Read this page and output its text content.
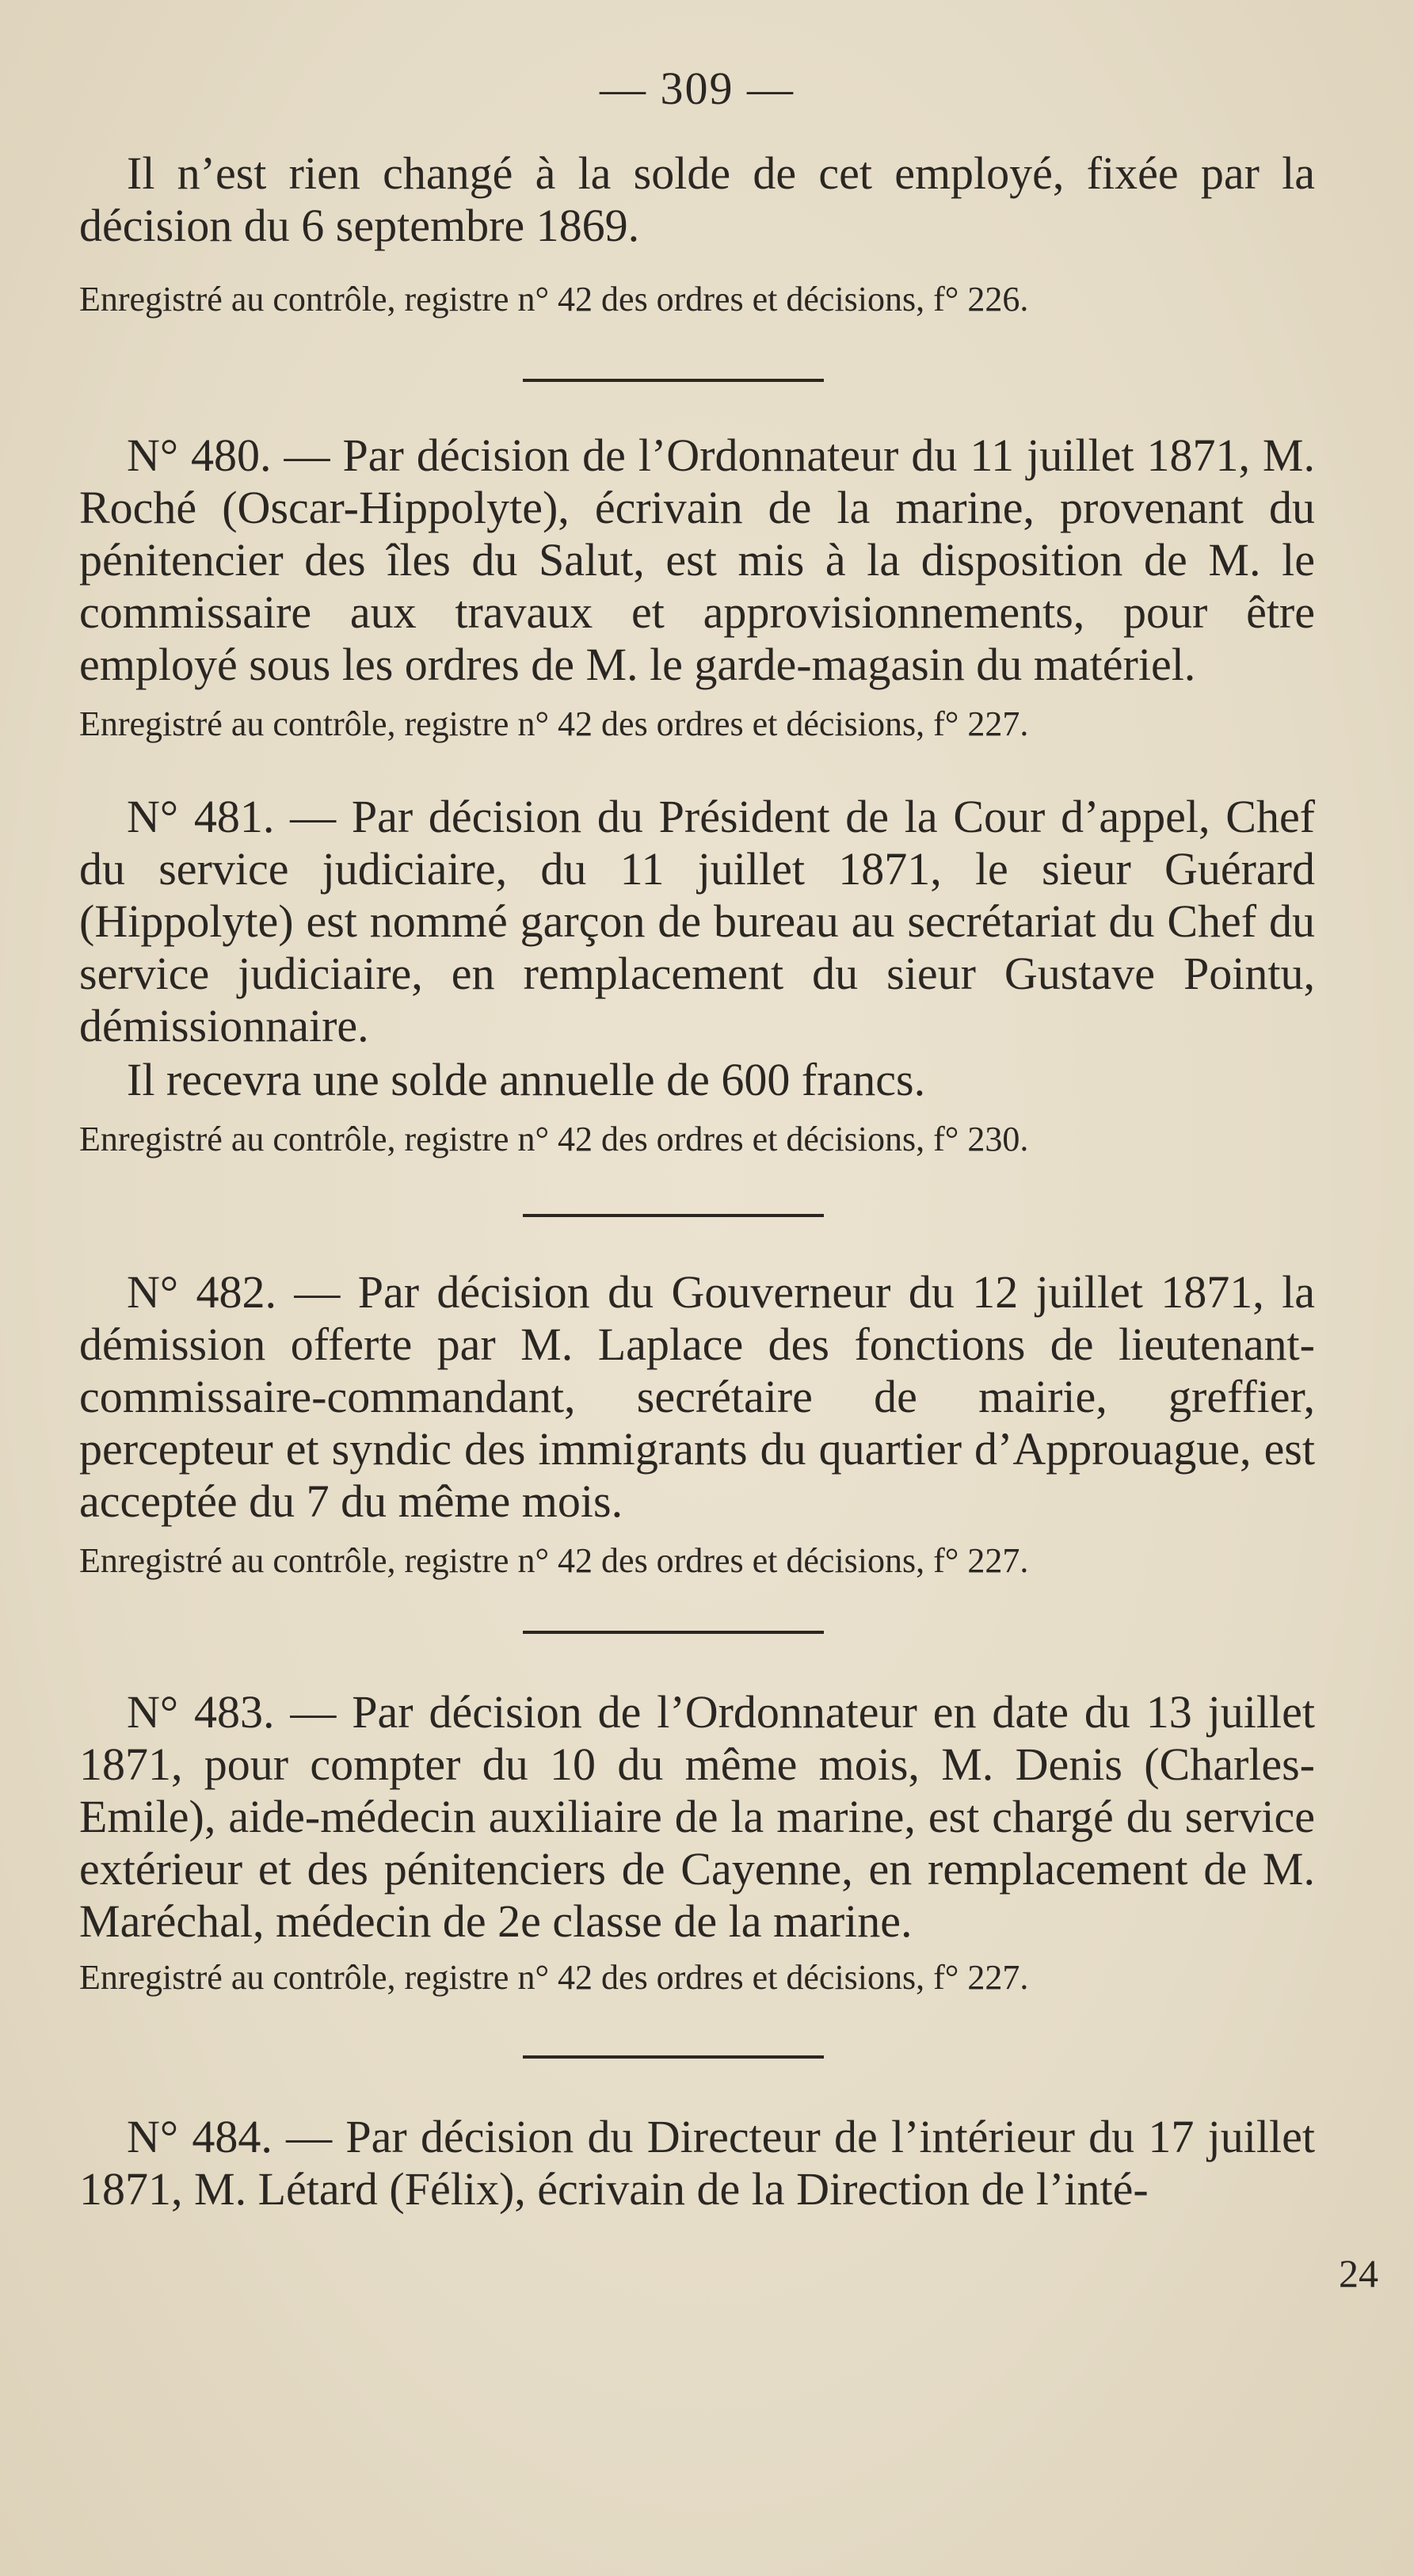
— 309 —
Il n’est rien changé à la solde de cet employé, fixée par la décision du 6 septembre 1869.
Enregistré au contrôle, registre n° 42 des ordres et décisions, f° 226.
N° 480. — Par décision de l’Ordonnateur du 11 juillet 1871, M. Roché (Oscar-Hippolyte), écrivain de la marine, provenant du pénitencier des îles du Salut, est mis à la disposition de M. le commissaire aux travaux et approvisionnements, pour être employé sous les ordres de M. le garde-magasin du matériel.
Enregistré au contrôle, registre n° 42 des ordres et décisions, f° 227.
N° 481. — Par décision du Président de la Cour d’appel, Chef du service judiciaire, du 11 juillet 1871, le sieur Guérard (Hippolyte) est nommé garçon de bureau au secrétariat du Chef du service judiciaire, en remplacement du sieur Gustave Pointu, démissionnaire.
Il recevra une solde annuelle de 600 francs.
Enregistré au contrôle, registre n° 42 des ordres et décisions, f° 230.
N° 482. — Par décision du Gouverneur du 12 juillet 1871, la démission offerte par M. Laplace des fonctions de lieutenant-commissaire-commandant, secrétaire de mairie, greffier, percepteur et syndic des immigrants du quartier d’Approuague, est acceptée du 7 du même mois.
Enregistré au contrôle, registre n° 42 des ordres et décisions, f° 227.
N° 483. — Par décision de l’Ordonnateur en date du 13 juillet 1871, pour compter du 10 du même mois, M. Denis (Charles-Emile), aide-médecin auxiliaire de la marine, est chargé du service extérieur et des pénitenciers de Cayenne, en remplacement de M. Maréchal, médecin de 2e classe de la marine.
Enregistré au contrôle, registre n° 42 des ordres et décisions, f° 227.
N° 484. — Par décision du Directeur de l’intérieur du 17 juillet 1871, M. Létard (Félix), écrivain de la Direction de l’inté-
24
